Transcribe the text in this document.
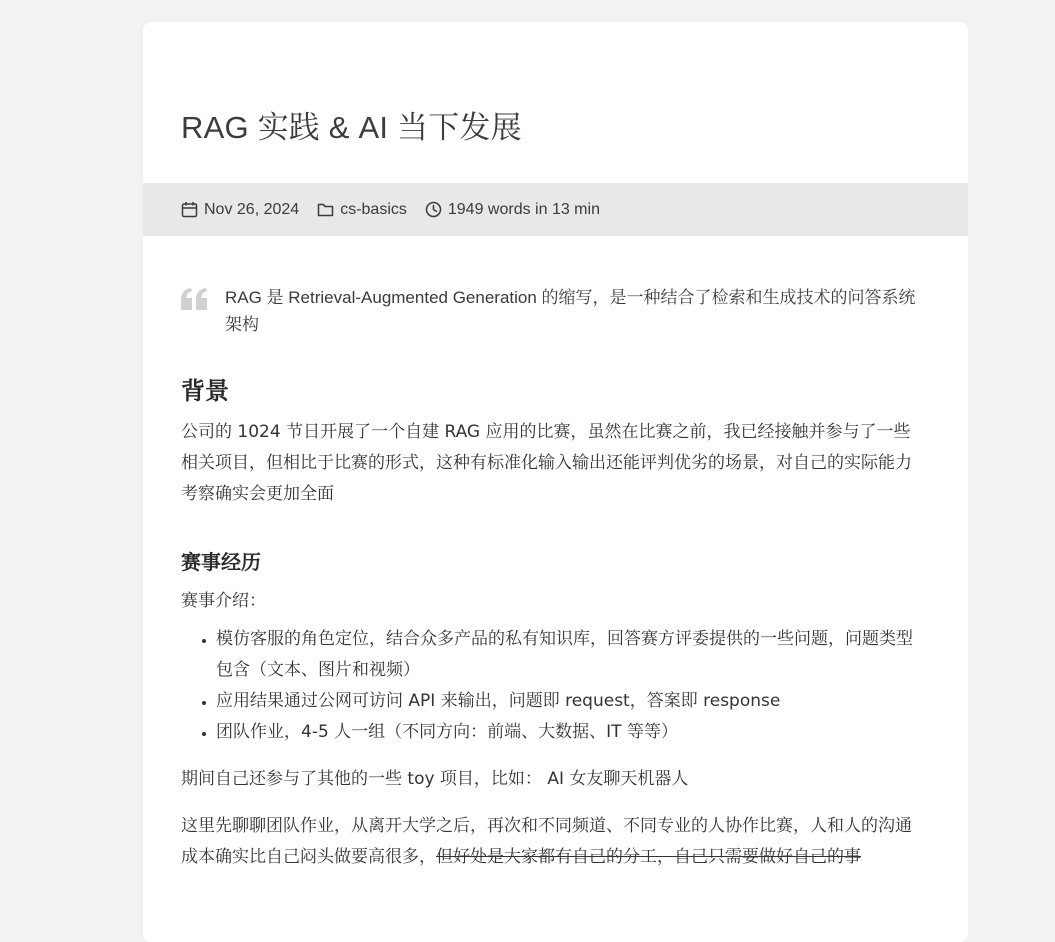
RAG 实践 & AI 当下发展
Nov 26, 2024	cs-basics	1949 words in 13 min
RAG 是 Retrieval-Augmented Generation 的缩写，是一种结合了检索和生成技术的问答系统架构
背景

公司的 1024 节日开展了一个自建 RAG 应用的比赛，虽然在比赛之前，我已经接触并参与了一些相关项目，但相比于比赛的形式，这种有标准化输入输出还能评判优劣的场景，对自己的实际能力考察确实会更加全面

赛事经历

赛事介绍：

• 模仿客服的角色定位，结合众多产品的私有知识库，回答赛方评委提供的一些问题，问题类型包含（文本、图片和视频）
• 应用结果通过公网可访问 API 来输出，问题即 request，答案即 response
• 团队作业，4-5 人一组（不同方向：前端、大数据、IT 等等）

期间自己还参与了其他的一些 toy 项目，比如： AI 女友聊天机器人

这里先聊聊团队作业，从离开大学之后，再次和不同频道、不同专业的人协作比赛，人和人的沟通成本确实比自己闷头做要高很多，但好处是大家都有自己的分工，自己只需要做好自己的事
